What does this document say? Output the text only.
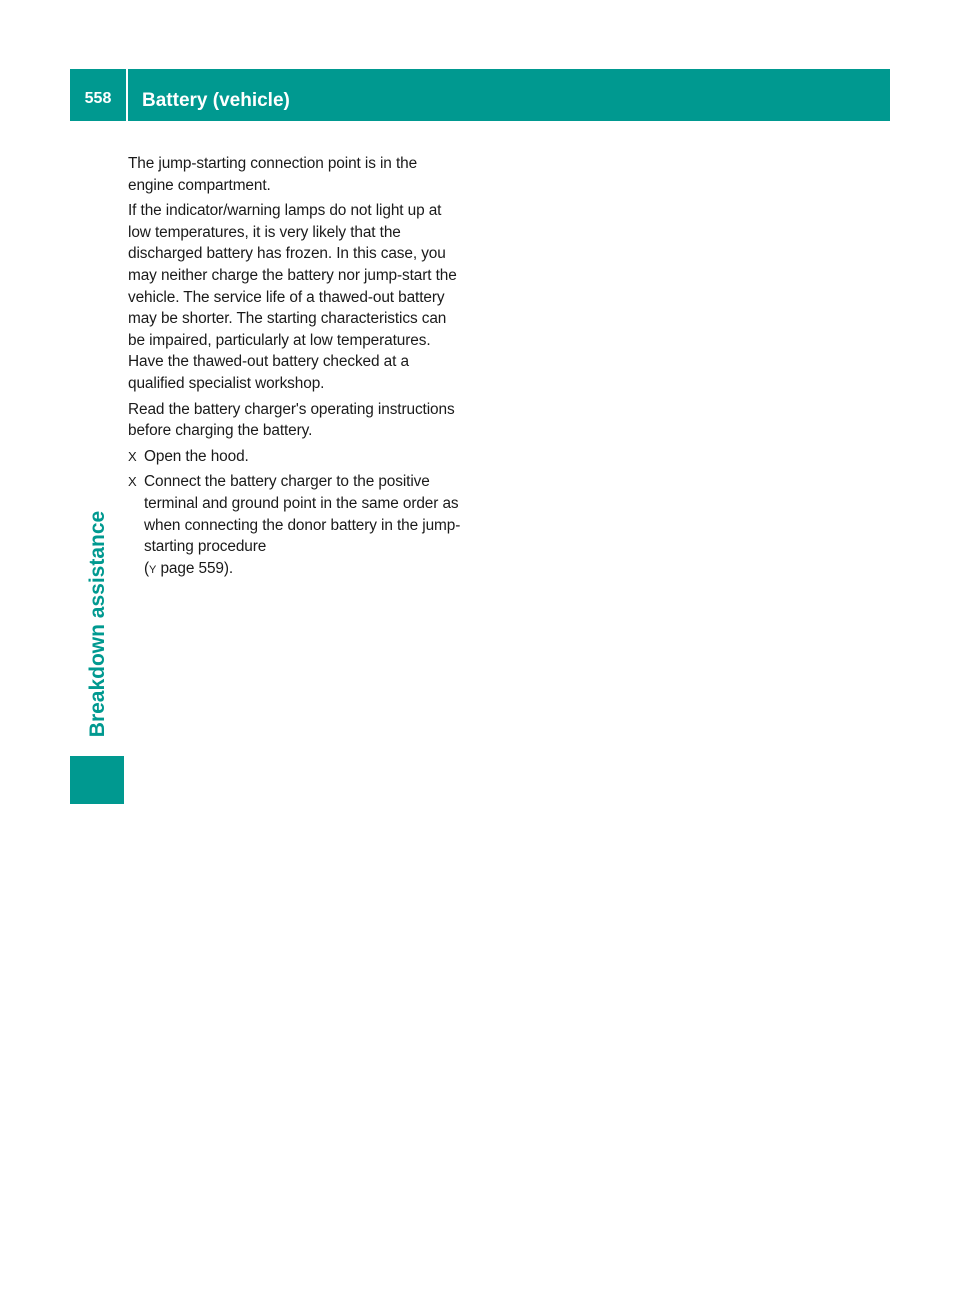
558	Battery (vehicle)
Breakdown assistance

The jump-starting connection point is in the engine compartment.

If the indicator/warning lamps do not light up at low temperatures, it is very likely that the discharged battery has frozen. In this case, you may neither charge the battery nor jump-start the vehicle. The service life of a thawed-out battery may be shorter. The starting characteristics can be impaired, particularly at low temperatures. Have the thawed-out battery checked at a qualified specialist workshop.

Read the battery charger's operating instructions before charging the battery.

X Open the hood.
X Connect the battery charger to the positive terminal and ground point in the same order as when connecting the donor battery in the jump-starting procedure
(Y page 559).
